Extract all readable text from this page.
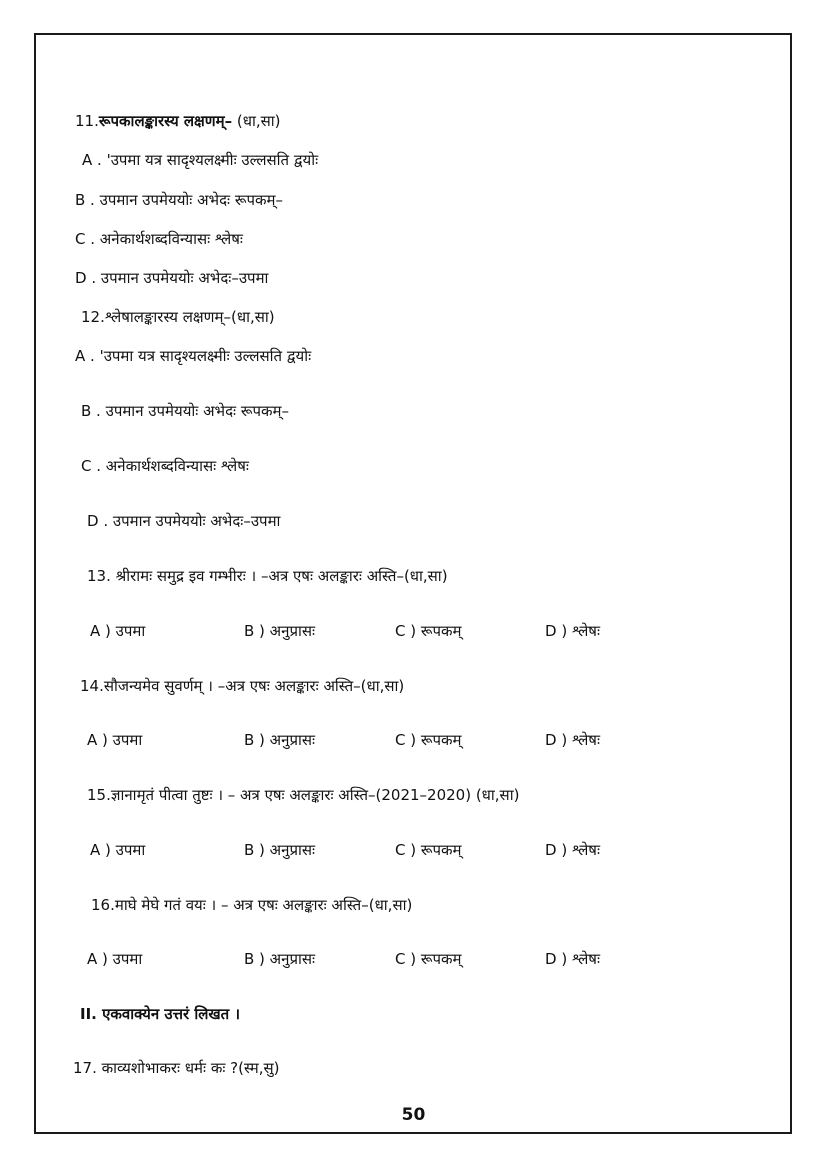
11.रूपकालङ्कारस्य लक्षणम्– (धा,सा)
A . 'उपमा यत्र सादृश्यलक्ष्मीः उल्लसति द्वयोः
B . उपमान उपमेययोः अभेदः रूपकम्–
C . अनेकार्थशब्दविन्यासः श्लेषः
D . उपमान उपमेययोः अभेदः–उपमा
12.श्लेषालङ्कारस्य लक्षणम्–(धा,सा)
A . 'उपमा यत्र सादृश्यलक्ष्मीः उल्लसति द्वयोः
B . उपमान उपमेययोः अभेदः रूपकम्–
C . अनेकार्थशब्दविन्यासः श्लेषः
D . उपमान उपमेययोः अभेदः–उपमा
13. श्रीरामः समुद्र इव गम्भीरः । –अत्र एषः अलङ्कारः अस्ति–(धा,सा)
A ) उपमा	B ) अनुप्रासः	C ) रूपकम्	D ) श्लेषः
14.सौजन्यमेव सुवर्णम् । –अत्र एषः अलङ्कारः अस्ति–(धा,सा)
A ) उपमा	B ) अनुप्रासः	C ) रूपकम्	D ) श्लेषः
15.ज्ञानामृतं पीत्वा तुष्टः । – अत्र एषः अलङ्कारः अस्ति–(2021–2020) (धा,सा)
A ) उपमा	B ) अनुप्रासः	C ) रूपकम्	D ) श्लेषः
16.माघे मेघे गतं वयः । – अत्र एषः अलङ्कारः अस्ति–(धा,सा)
A ) उपमा	B ) अनुप्रासः	C ) रूपकम्	D ) श्लेषः
II. एकवाक्येन उत्तरं लिखत ।
17. काव्यशोभाकरः धर्मः कः ?(स्म,सु)
50
